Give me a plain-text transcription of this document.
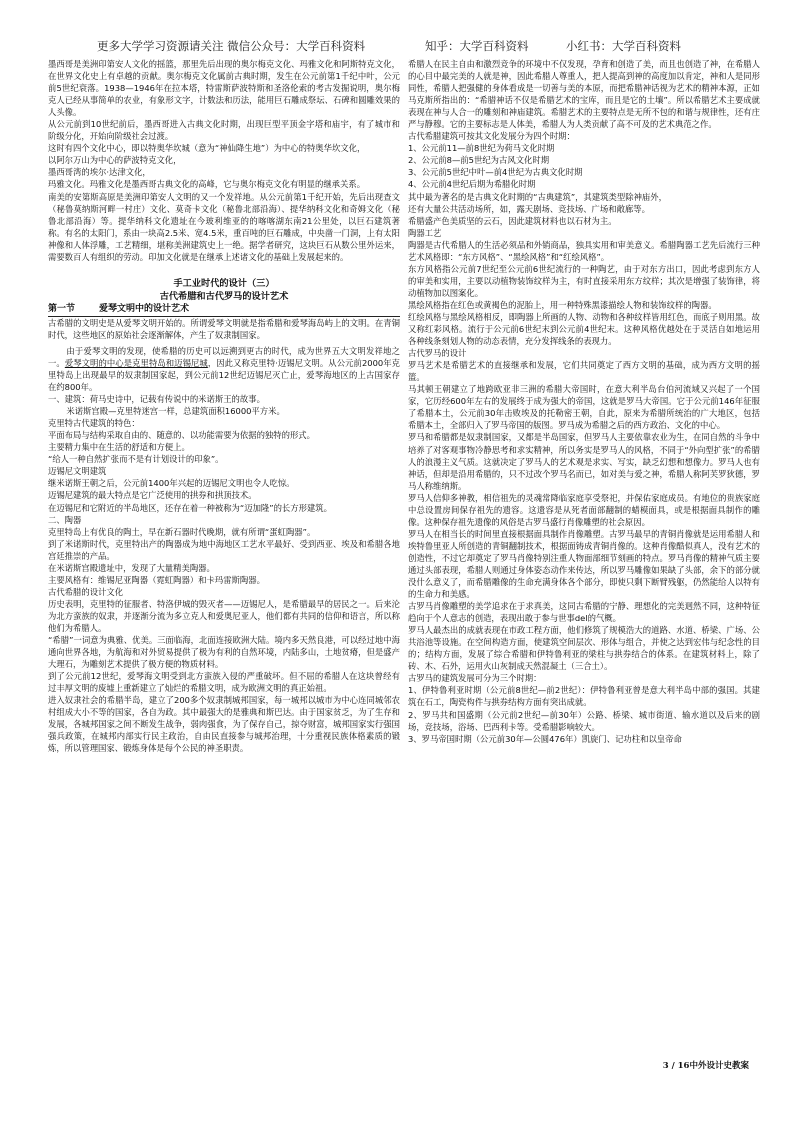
更多大学学习资源请关注 微信公众号：大学百科资料	知乎：大学百科资料	小红书：大学百科资料

墨西哥是美洲印第安人文化的摇篮，那里先后出现的奥尔梅克文化、玛雅文化和阿斯特克文化，在世界文化史上有卓越的贡献。奥尔梅克文化属前古典时期，发生在公元前第1千纪中叶，公元前5世纪衰落。1938—1946年在拉本塔，特雷斯萨波特斯和圣洛伦索的考古发掘说明，奥尔梅克人已经从事简单的农业，有象形文字，计数法和历法，能用巨石雕成祭坛、石碑和圆雕效果的人头像。

从公元前到10世纪前后，墨西哥进入古典文化时期，出现巨型平顶金字塔和庙宇，有了城市和阶级分化，开始向阶级社会过渡。

这时有四个文化中心，即以特奥华坎城（意为“神仙降生地”）为中心的特奥华坎文化，

以阿尔万山为中心的萨波特克文化，

墨西哥湾的埃尔·达津文化，

玛雅文化。玛雅文化是墨西哥古典文化的高峰，它与奥尔梅克文化有明显的继承关系。

南美的安第斯高原是美洲印第安人文明的又一个发祥地。从公元前第1千纪开始，先后出现查文（秘鲁莫纳斯河畔一村庄）文化、莫奇卡文化（秘鲁北部沿海）、提华纳科文化和奇姆文化（秘鲁北部沿海）等。提华纳科文化遗址在今玻利维亚的的喀喀湖东南21公里处，以巨石建筑著称。有名的太阳门，系由一块高2.5米、宽4.5米，重百吨的巨石雕成，中央凿一门洞，上有太阳神像和人体浮雕，工艺精细，堪称美洲建筑史上一绝。据学者研究，这块巨石从数公里外运来，需要数百人有组织的劳动。印加文化就是在继承上述诸文化的基础上发展起来的。

手工业时代的设计（三）

古代希腊和古代罗马的设计艺术

第一节	爱琴文明中的设计艺术

古希腊的文明史是从爱琴文明开始的。所谓爱琴文明就是指希腊和爱琴海岛屿上的文明。在青铜时代，这些地区的原始社会逐渐解体，产生了奴隶制国家。

由于爱琴文明的发现，使希腊的历史可以远溯到更古的时代，成为世界五大文明发祥地之一。爱琴文明的中心是克里特岛和迈锡尼城，因此又称克里特·迈锡尼文明。从公元前2000年克里特岛上出现最早的奴隶制国家起，到公元前12世纪迈锡尼灭亡止，爱琴海地区的上古国家存在约800年。

一、建筑：荷马史诗中，记载有传说中的米诺斯王的故事。

米诺斯宫殿—克里特迷宫一样，总建筑面积16000平方米。

克里特古代建筑的特色：

平面布局与结构采取自由的、随意的、以功能需要为依据的独特的形式。

主要精力集中在生活的舒适和方便上。

“给人一种自然扩张而不是有计划设计的印象”。

迈锡尼文明建筑

继米诺斯王朝之后，公元前1400年兴起的迈锡尼文明也令人吃惊。

迈锡尼建筑的最大特点是它广泛使用的拱券和拱顶技术。

在迈锡尼和它附近的半岛地区，还存在着一种被称为“迈加隆”的长方形建筑。

二、陶器

克里特岛上有优良的陶土，早在新石器时代晚期，就有所谓“蛋虹陶器”。

到了米诺斯时代，克里特出产的陶器成为地中海地区工艺水平最好、受到西亚、埃及和希腊各地宫廷推崇的产品。

在米诺斯宫殿遗址中，发现了大量精美陶器。

主要风格有：维锡尼亚陶器（霓虹陶器）和卡玛雷斯陶器。

古代希腊的设计文化

历史表明，克里特的征服者、特洛伊城的毁灭者——迈锡尼人，是希腊最早的居民之一。后来沦为北方蛮族的奴隶，并逐渐分流为多立克人和爱奥尼亚人，他们都有共同的信仰和语言，所以称他们为希腊人。

“希腊”一词意为典雅、优美。三面临海，北面连接欧洲大陆。境内多天然良港，可以经过地中海通向世界各地，为航海和对外贸易提供了极为有利的自然环境，内陆多山，土地贫瘠，但是盛产大理石，为雕刻艺术提供了极方便的物质材料。

到了公元前12世纪，爱琴海文明受到北方蛮族入侵的严重破坏。但不屈的希腊人在这块曾经有过丰厚文明的废墟上重新建立了灿烂的希腊文明，成为欧洲文明的真正始祖。

进入奴隶社会的希腊半岛，建立了200多个奴隶制城邦国家，每一城邦以城市为中心连同城邻农村组成大小不等的国家，各自为政。其中最强大的是雅典和斯巴达。由于国家贫乏，为了生存和发展，各城邦国家之间不断发生战争，弱肉强食，为了保存自己，掠夺财富，城邦国家实行强国强兵政策，在城邦内部实行民主政治，自由民直接参与城邦治理，十分重视民族体格素质的锻炼，所以管理国家、锻炼身体是每个公民的神圣职责。

希腊人在民主自由和激烈竞争的环境中不仅发现，孕育和创造了美，而且也创造了神，在希腊人的心目中最完美的人就是神，因此希腊人尊重人，把人提高到神的高度加以肯定，神和人是同形同性，希腊人把强健的身体看成是一切善与美的本原，而把希腊神话视为艺术的精神本源，正如马克斯所指出的：“希腊神话不仅是希腊艺术的宝库，而且是它的土壤”。所以希腊艺术主要成就表现在神与人合一的雕刻和神庙建筑。希腊艺术的主要特点是无所不包的和谐与规律性，还有庄严与静穆。它的主要标志是人体美，希腊人为人类贡献了高不可及的艺术典范之作。

古代希腊建筑可按其文化发展分为四个时期：

1、公元前11—前8世纪为荷马文化时期

2、公元前8—前5世纪为古风文化时期

3、公元前5世纪中叶—前4世纪为古典文化时期

4、公元前4世纪后期为希腊化时期

其中最为著名的是古典文化时期的“古典建筑”，其建筑类型除神庙外，

还有大量公共活动场所，如，露天剧场、竞技场、广场和敞廊等。

希腊盛产色美质坚的云石，因此建筑材料也以石材为主。

陶器工艺

陶器是古代希腊人的生活必须品和外销商品，独具实用和审美意义。希腊陶器工艺先后流行三种艺术风格即：“东方风格”、“黑绘风格”和“红绘风格”。

东方风格指公元前7世纪至公元前6世纪流行的一种陶艺，由于对东方出口，因此考虑到东方人的审美和实用，主要以动植物装饰纹样为主，有时直接采用东方纹样；其次是增强了装饰律，将动植物加以图案化。

黑绘风格指在红色或黄褐色的泥胎上，用一种特殊黑漆描绘人物和装饰纹样的陶器。

红绘风格与黑绘风格相反，即陶器上所画的人物、动物和各种纹样皆用红色，而底子则用黑。故又称红彩风格。流行于公元前6世纪末到公元前4世纪末。这种风格优越处在于灵活自如地运用各种线条刻划人物的动态表情，充分发挥线条的表现力。

古代罗马的设计

罗马艺术是希腊艺术的直接继承和发展，它们共同奠定了西方文明的基础，成为西方文明的摇篮。

马其顿王朝建立了地跨欧亚非三洲的希腊大帝国时，在意大利半岛台伯河流域又兴起了一个国家，它历经600年左右的发展终于成为强大的帝国，这就是罗马大帝国。它于公元前146年征服了希腊本土，公元前30年击败埃及的托勒密王朝，自此，原来为希腊所统治的广大地区，包括希腊本土，全部归入了罗马帝国的版图。罗马成为希腊之后的西方政治、文化的中心。

罗马和希腊都是奴隶制国家，又都是半岛国家，但罗马人主要依靠农业为生，在同自然的斗争中培养了对客观事物冷静思考和求实精神，所以务实是罗马人的风格，不同于“外向型扩张”的希腊人的浪漫主义气质。这就决定了罗马人的艺术观是求实、写实，缺乏幻想和想像力。罗马人也有神话，但却是沿用希腊的，只不过改个罗马名而已，如对美与爱之神，希腊人称阿芙罗狄德，罗马人称维纳斯。

罗马人信仰多神教，相信祖先的灵魂常降临家庭享受祭祀，并保佑家庭成员。有地位的贵族家庭中总设置房间保存祖先的遗容。这遗容是从死者面部翻制的蜡模面具，或是根据面具制作的雕像。这种保存祖先遗像的风俗是古罗马盛行肖像雕塑的社会原因。

罗马人在相当长的时间里直接根据面具制作肖像雕塑。古罗马最早的青铜肖像就是运用希腊人和埃特鲁里亚人所创造的青铜翻制技术，根据面铸成青铜肖像的。这种肖像酷似真人，没有艺术的创造性，不过它却奠定了罗马肖像特别注重人物面部细节刻画的特点。罗马肖像的精神气质主要通过头部表现，希腊人则通过身体姿态动作来传达，所以罗马雕像如果缺了头部，余下的部分就没什么意义了，而希腊雕像的生命充满身体各个部分，即使只剩下断臂残躯，仍然能给人以特有的生命力和美感。

古罗马肖像雕塑的美学追求在于求真美，这同古希腊的宁静、理想化的完美迥然不同，这种特征趋向于个人意志的创造，表现出敢于参与世事del的气概。

罗马人最杰出的成就表现在市政工程方面，他们修筑了规模浩大的道路、水道、桥梁、广场、公共浴池等设施。在空间构造方面，使建筑空间层次、形体与组合，并使之达到宏伟与纪念性的目的；结构方面，发展了综合希腊和伊特鲁利亚的梁柱与拱券结合的体系。在建筑材料上，除了砖、木、石外，运用火山灰制成天然混凝土（三合土）。

古罗马的建筑发展可分为三个时期：

1、伊特鲁利亚时期（公元前8世纪—前2世纪）：伊特鲁利亚曾是意大利半岛中部的强国。其建筑在石工，陶瓷构件与拱券结构方面有突出成就。

2、罗马共和国盛期（公元前2世纪—前30年）公路、桥梁、城市街道、输水道以及后来的剧场，竞技场，浴场、巴西利卡等。受希腊影响较大。

3、罗马帝国时期（公元前30年—公圆476年）凯旋门、记功柱和以皇帝命

3 / 16中外设计史教案
